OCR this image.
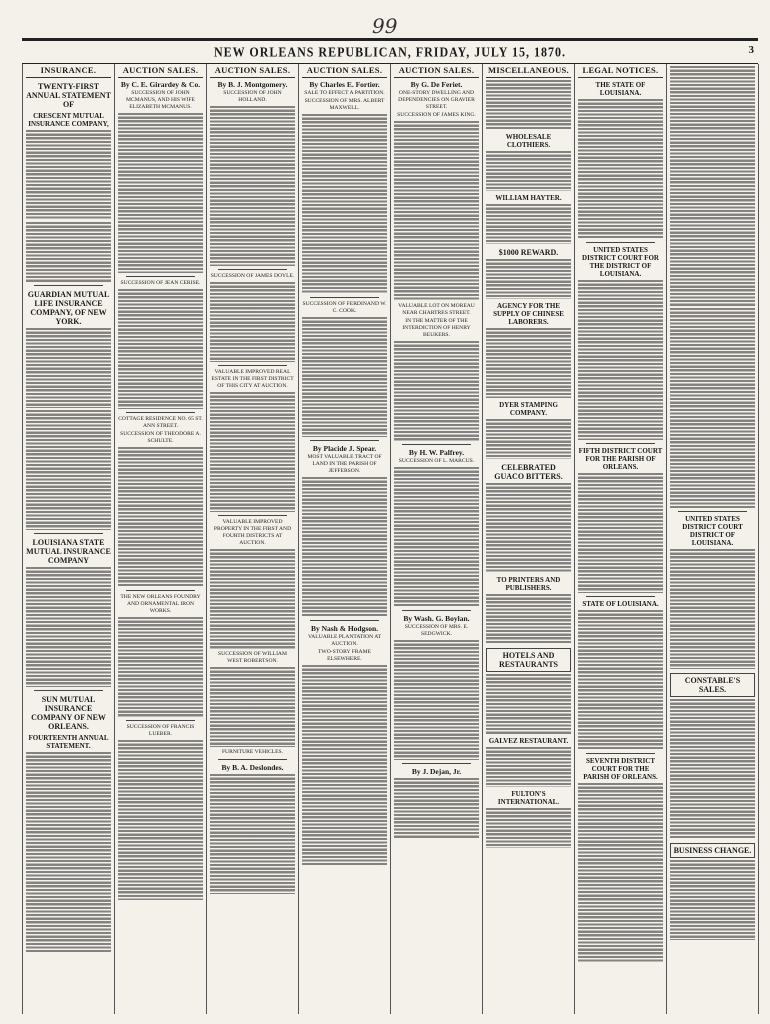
99
NEW ORLEANS REPUBLICAN, FRIDAY, JULY 15, 1870.	3
INSURANCE.
TWENTY-FIRST ANNUAL STATEMENT OF
CRESCENT MUTUAL INSURANCE COMPANY,
GUARDIAN MUTUAL LIFE INSURANCE COMPANY, OF NEW YORK.
LOUISIANA STATE MUTUAL INSURANCE COMPANY
SUN MUTUAL INSURANCE COMPANY OF NEW ORLEANS.
FOURTEENTH ANNUAL STATEMENT.
AUCTION SALES.
By C. E. Girardey & Co.
SUCCESSION OF JOHN MCMANUS, AND HIS WIFE ELIZABETH MCMANUS.
SUCCESSION OF JEAN CERISE.
COTTAGE RESIDENCE NO. 65 ST. ANN STREET.
SUCCESSION OF THEODORE A. SCHULTE.
THE NEW ORLEANS FOUNDRY AND ORNAMENTAL IRON WORKS.
SUCCESSION OF FRANCIS LUEBER.
AUCTION SALES.
By B. J. Montgomery.
SUCCESSION OF JOHN HOLLAND.
SUCCESSION OF JAMES DOYLE.
VALUABLE IMPROVED REAL ESTATE IN THE FIRST DISTRICT OF THIS CITY AT AUCTION.
VALUABLE IMPROVED PROPERTY IN THE FIRST AND FOURTH DISTRICTS AT AUCTION.
SUCCESSION OF WILLIAM WEST ROBERTSON.
FURNITURE VEHICLES.
By B. A. Deslondes.
AUCTION SALES.
By Charles E. Fortier.
SALE TO EFFECT A PARTITION.
SUCCESSION OF MRS. ALBERT MAXWELL.
SUCCESSION OF FERDINAND W. C. COOK.
By Placide J. Spear.
MOST VALUABLE TRACT OF LAND IN THE PARISH OF JEFFERSON.
By Nash & Hodgson.
VALUABLE PLANTATION AT AUCTION.
TWO-STORY FRAME ELSEWHERE.
AUCTION SALES.
By G. De Feriet.
ONE-STORY DWELLING AND DEPENDENCIES ON GRAVIER STREET.
SUCCESSION OF JAMES KING.
VALUABLE LOT ON MOREAU NEAR CHARTRES STREET.
IN THE MATTER OF THE INTERDICTION OF HENRY BEUKERS.
By H. W. Palfrey.
SUCCESSION OF L. MARCUS.
By Wash. G. Boylan.
SUCCESSION OF MRS. E. SEDGWICK.
By J. Dejan, Jr.
MISCELLANEOUS.
WHOLESALE CLOTHIERS.
WILLIAM HAYTER.
$1000 REWARD.
AGENCY FOR THE SUPPLY OF CHINESE LABORERS.
DYER STAMPING COMPANY.
CELEBRATED GUACO BITTERS.
TO PRINTERS AND PUBLISHERS.
HOTELS AND RESTAURANTS
GALVEZ RESTAURANT.
FULTON'S INTERNATIONAL.
LEGAL NOTICES.
THE STATE OF LOUISIANA.
UNITED STATES DISTRICT COURT FOR THE DISTRICT OF LOUISIANA.
FIFTH DISTRICT COURT FOR THE PARISH OF ORLEANS.
STATE OF LOUISIANA.
SEVENTH DISTRICT COURT FOR THE PARISH OF ORLEANS.
UNITED STATES DISTRICT COURT DISTRICT OF LOUISIANA.
CONSTABLE'S SALES.
BUSINESS CHANGE.
